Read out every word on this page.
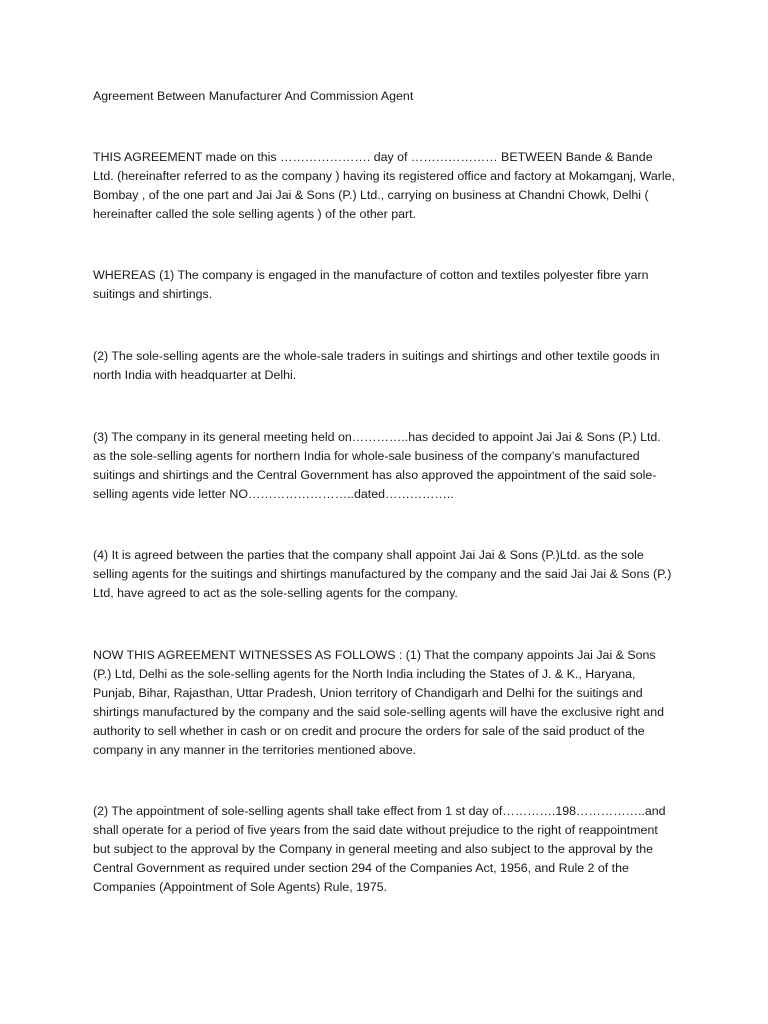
Agreement Between Manufacturer And Commission Agent

THIS AGREEMENT made on this …………………. day of ………………… BETWEEN Bande & Bande Ltd. (hereinafter referred to as the company ) having its registered office and factory at Mokamganj, Warle, Bombay , of the one part and Jai Jai & Sons (P.) Ltd., carrying on business at Chandni Chowk, Delhi ( hereinafter called the sole selling agents ) of the other part.

WHEREAS (1) The company is engaged in the manufacture of cotton and textiles polyester fibre yarn suitings and shirtings.

(2) The sole-selling agents are the whole-sale traders in suitings and shirtings and other textile goods in north India with headquarter at Delhi.

(3) The company in its general meeting held on…………..has decided to appoint Jai Jai & Sons (P.) Ltd. as the sole-selling agents for northern India for whole-sale business of the company’s manufactured suitings and shirtings and the Central Government has also approved the appointment of the said sole-selling agents vide letter NO……………………..dated……………..

(4) It is agreed between the parties that the company shall appoint Jai Jai & Sons (P.)Ltd. as the sole selling agents for the suitings and shirtings manufactured by the company and the said Jai Jai & Sons (P.) Ltd, have agreed to act as the sole-selling agents for the company.

NOW THIS AGREEMENT WITNESSES AS FOLLOWS : (1) That the company appoints Jai Jai & Sons (P.) Ltd, Delhi as the sole-selling agents for the North India including the States of J. & K., Haryana, Punjab, Bihar, Rajasthan, Uttar Pradesh, Union territory of Chandigarh and Delhi for the suitings and shirtings manufactured by the company and the said sole-selling agents will have the exclusive right and authority to sell whether in cash or on credit and procure the orders for sale of the said product of the company in any manner in the territories mentioned above.

(2) The appointment of sole-selling agents shall take effect from 1 st day of………….198……………..and shall operate for a period of five years from the said date without prejudice to the right of reappointment but subject to the approval by the Company in general meeting and also subject to the approval by the Central Government as required under section 294 of the Companies Act, 1956, and Rule 2 of the Companies (Appointment of Sole Agents) Rule, 1975.
